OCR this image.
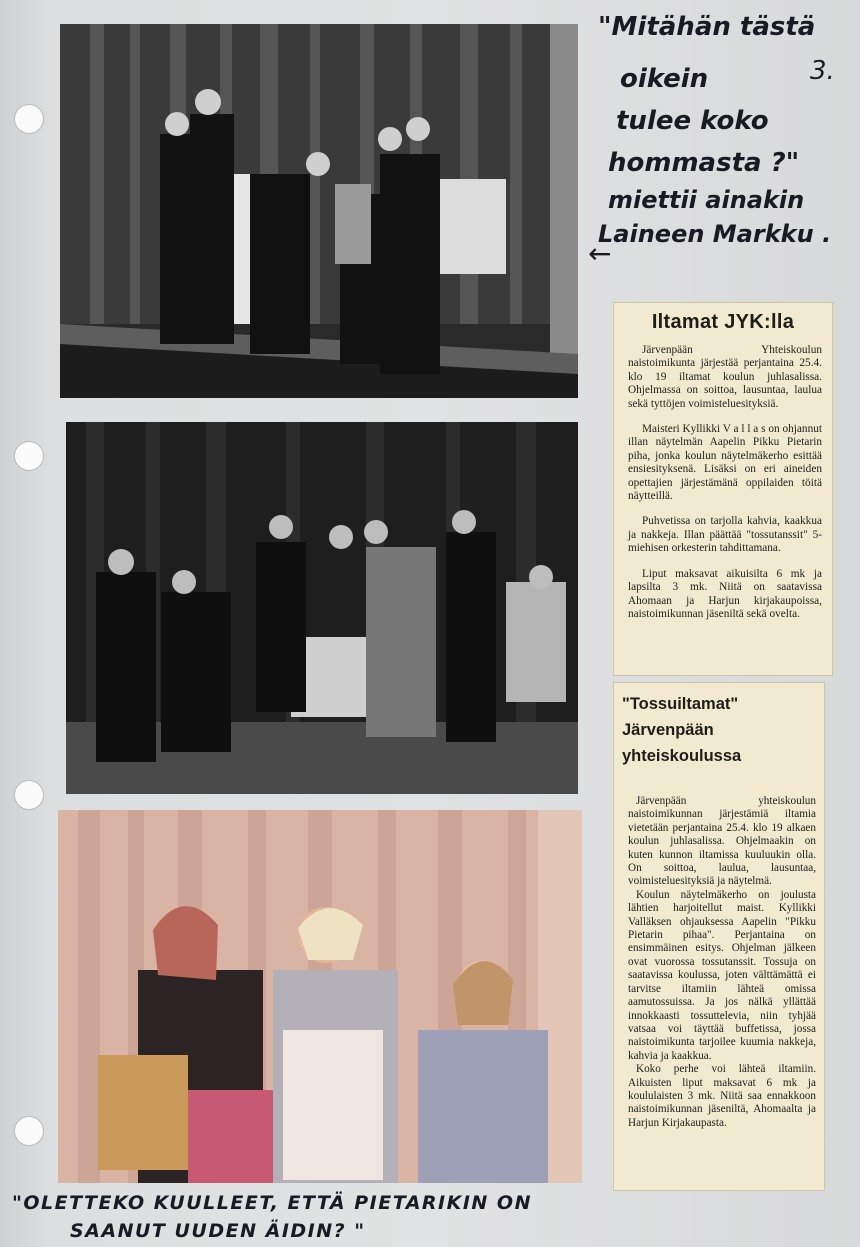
"Mitähän tästä
oikein	3.
tulee koko
hommasta ?"
miettii ainakin
Laineen Markku .
←
Iltamat JYK:lla

Järvenpään Yhteiskoulun naistoimikunta järjestää perjantaina 25.4. klo 19 iltamat koulun juhlasalissa. Ohjelmassa on soittoa, lausuntaa, laulua sekä tyttöjen voimisteluesityksiä.

Maisteri Kyllikki V a l l a s on ohjannut illan näytelmän Aapelin Pikku Pietarin piha, jonka koulun näytelmäkerho esittää ensiesityksenä. Lisäksi on eri aineiden opettajien järjestämänä oppilaiden töitä näytteillä.

Puhvetissa on tarjolla kahvia, kaakkua ja nakkeja. Illan päättää "tossutanssit" 5-miehisen orkesterin tahdittamana.

Liput maksavat aikuisilta 6 mk ja lapsilta 3 mk. Niitä on saatavissa Ahomaan ja Harjun kirjakaupoissa, naistoimikunnan jäseniltä sekä ovelta.

"Tossuiltamat" Järvenpään yhteiskoulussa

Järvenpään yhteiskoulun naistoimikunnan järjestämiä iltamia vietetään perjantaina 25.4. klo 19 alkaen koulun juhlasalissa. Ohjelmaakin on kuten kunnon iltamissa kuuluukin olla. On soittoa, laulua, lausuntaa, voimisteluesityksiä ja näytelmä.

Koulun näytelmäkerho on joulusta lähtien harjoitellut maist. Kyllikki Valläksen ohjauksessa Aapelin "Pikku Pietarin pihaa". Perjantaina on ensimmäinen esitys. Ohjelman jälkeen ovat vuorossa tossutanssit. Tossuja on saatavissa koulussa, joten välttämättä ei tarvitse iltamiin lähteä omissa aamutossuissa. Ja jos nälkä yllättää innokkaasti tossuttelevia, niin tyhjää vatsaa voi täyttää buffetissa, jossa naistoimikunta tarjoilee kuumia nakkeja, kahvia ja kaakkua.

Koko perhe voi lähteä iltamiin. Aikuisten liput maksavat 6 mk ja koululaisten 3 mk. Niitä saa ennakkoon naistoimikunnan jäseniltä, Ahomaalta ja Harjun Kirjakaupasta.

"OLETTEKO KUULLEET, ETTÄ PIETARIKIN ON
SAANUT UUDEN ÄIDIN? "
